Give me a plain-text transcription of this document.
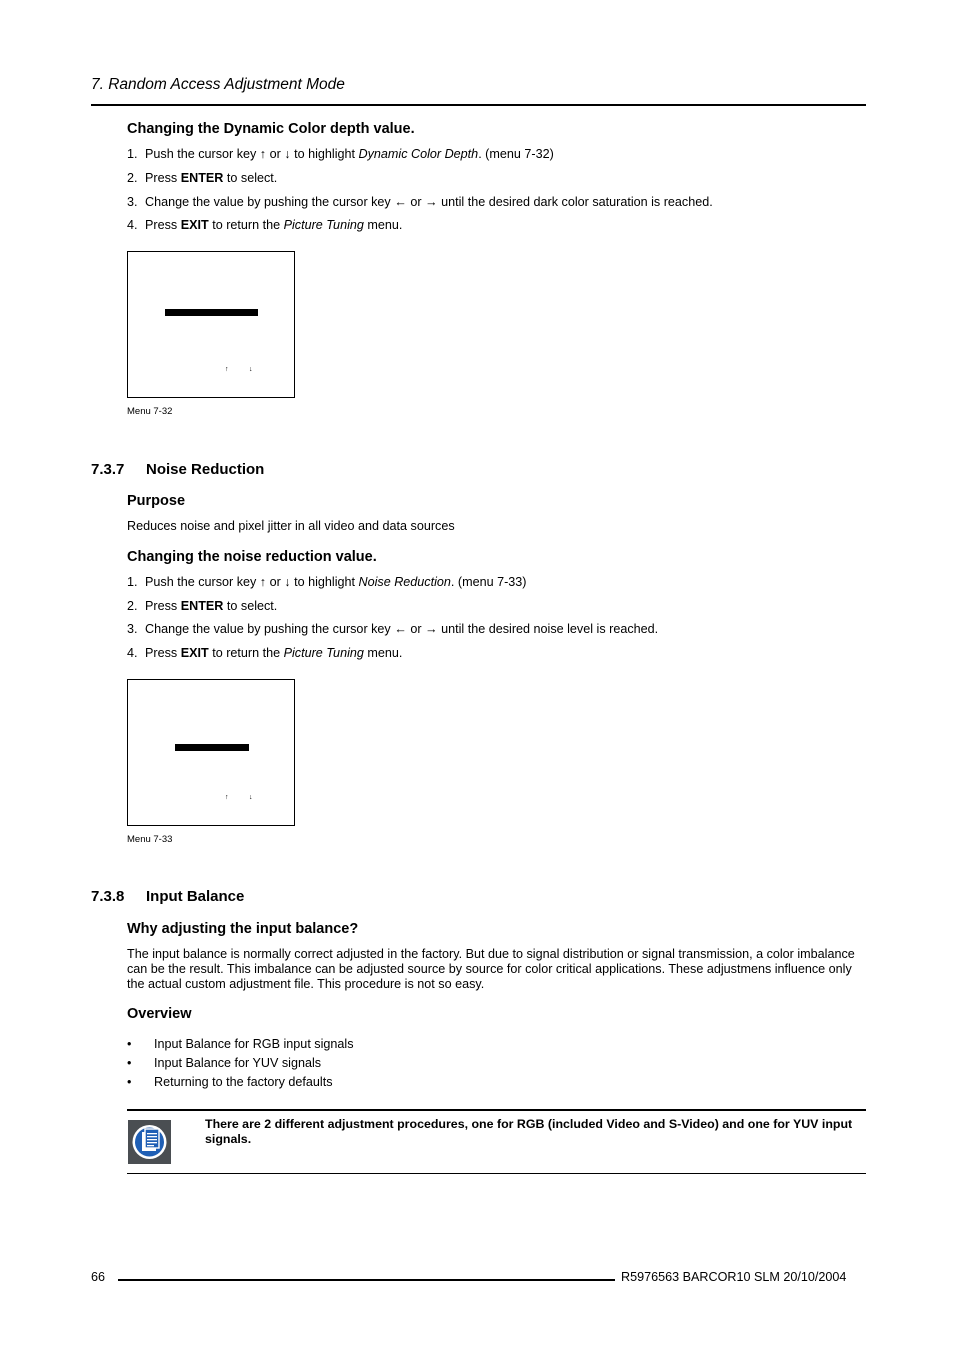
7. Random Access Adjustment Mode
Changing the Dynamic Color depth value.
1. Push the cursor key ↑ or ↓ to highlight Dynamic Color Depth. (menu 7-32)
2. Press ENTER to select.
3. Change the value by pushing the cursor key ← or → until the desired dark color saturation is reached.
4. Press EXIT to return the Picture Tuning menu.
↑	↓
Menu 7-32
7.3.7 Noise Reduction
Purpose
Reduces noise and pixel jitter in all video and data sources
Changing the noise reduction value.
1. Push the cursor key ↑ or ↓ to highlight Noise Reduction. (menu 7-33)
2. Press ENTER to select.
3. Change the value by pushing the cursor key ← or → until the desired noise level is reached.
4. Press EXIT to return the Picture Tuning menu.
↑	↓
Menu 7-33
7.3.8 Input Balance
Why adjusting the input balance?
The input balance is normally correct adjusted in the factory. But due to signal distribution or signal transmission, a color imbalance can be the result. This imbalance can be adjusted source by source for color critical applications. These adjustmens influence only the actual custom adjustment file. This procedure is not so easy.
Overview
• Input Balance for RGB input signals
• Input Balance for YUV signals
• Returning to the factory defaults
There are 2 different adjustment procedures, one for RGB (included Video and S-Video) and one for YUV input signals.
66	R5976563 BARCOR10 SLM 20/10/2004
